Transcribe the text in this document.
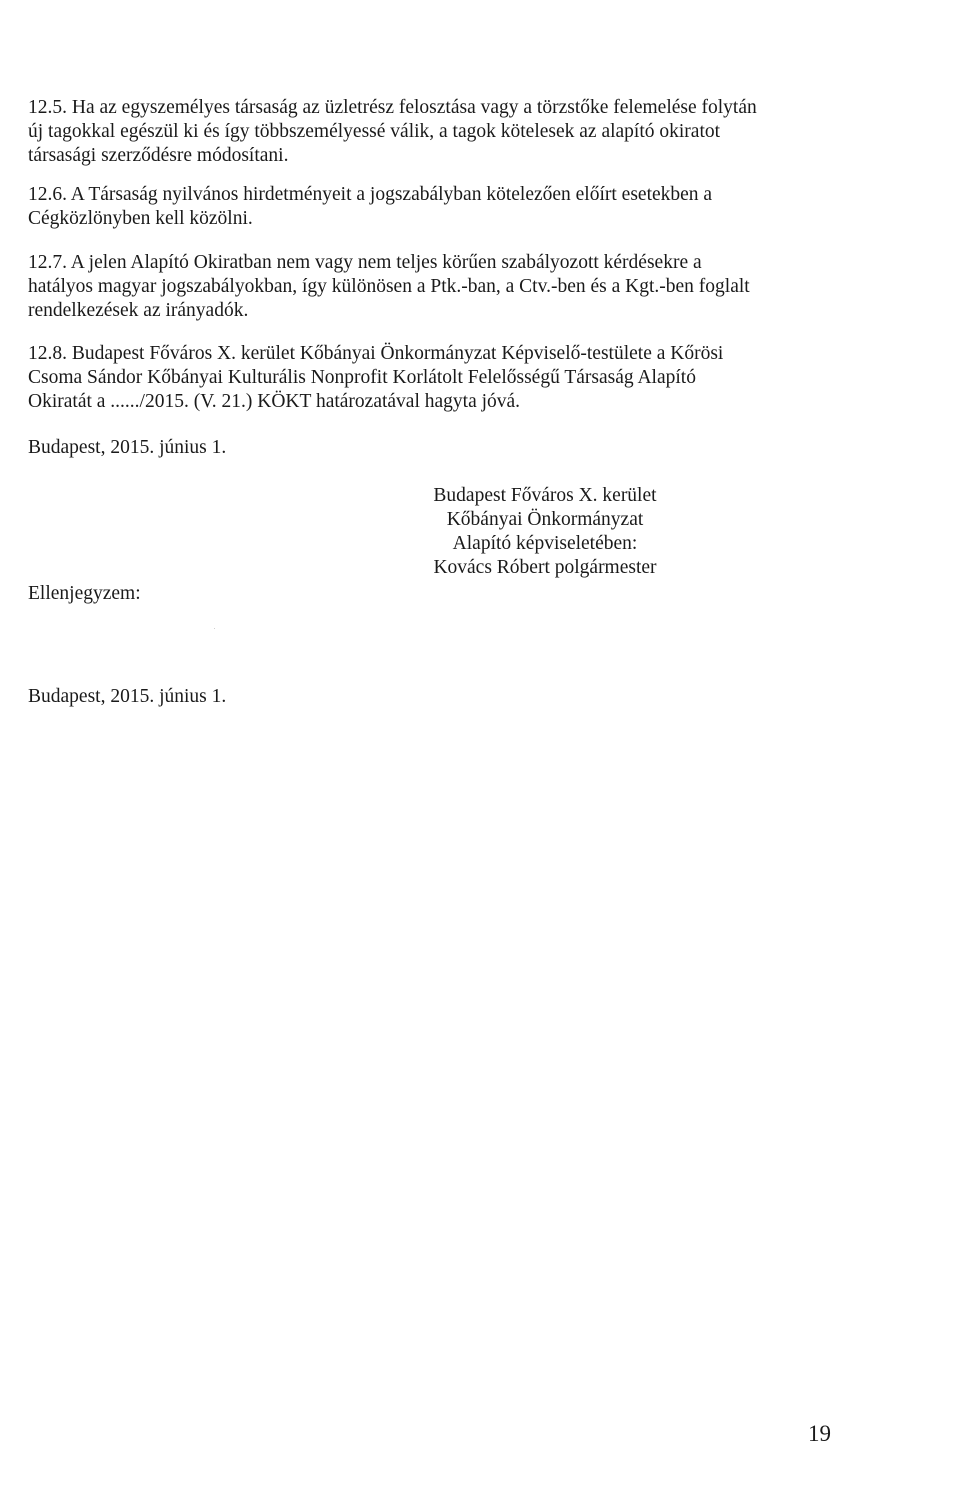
12.5. Ha az egyszemélyes társaság az üzletrész felosztása vagy a törzstőke felemelése folytán
új tagokkal egészül ki és így többszemélyessé válik, a tagok kötelesek az alapító okiratot
társasági szerződésre módosítani.
12.6. A Társaság nyilvános hirdetményeit a jogszabályban kötelezően előírt esetekben a
Cégközlönyben kell közölni.
12.7. A jelen Alapító Okiratban nem vagy nem teljes körűen szabályozott kérdésekre a
hatályos magyar jogszabályokban, így különösen a Ptk.-ban, a Ctv.-ben és a Kgt.-ben foglalt
rendelkezések az irányadók.
12.8. Budapest Főváros X. kerület Kőbányai Önkormányzat Képviselő-testülete a Kőrösi
Csoma Sándor Kőbányai Kulturális Nonprofit Korlátolt Felelősségű Társaság Alapító
Okiratát a ....../2015. (V. 21.) KÖKT határozatával hagyta jóvá.
Budapest, 2015. június 1.
Budapest Főváros X. kerület
Kőbányai Önkormányzat
Alapító képviseletében:
Kovács Róbert polgármester
Ellenjegyzem:
Budapest, 2015. június 1.
19
